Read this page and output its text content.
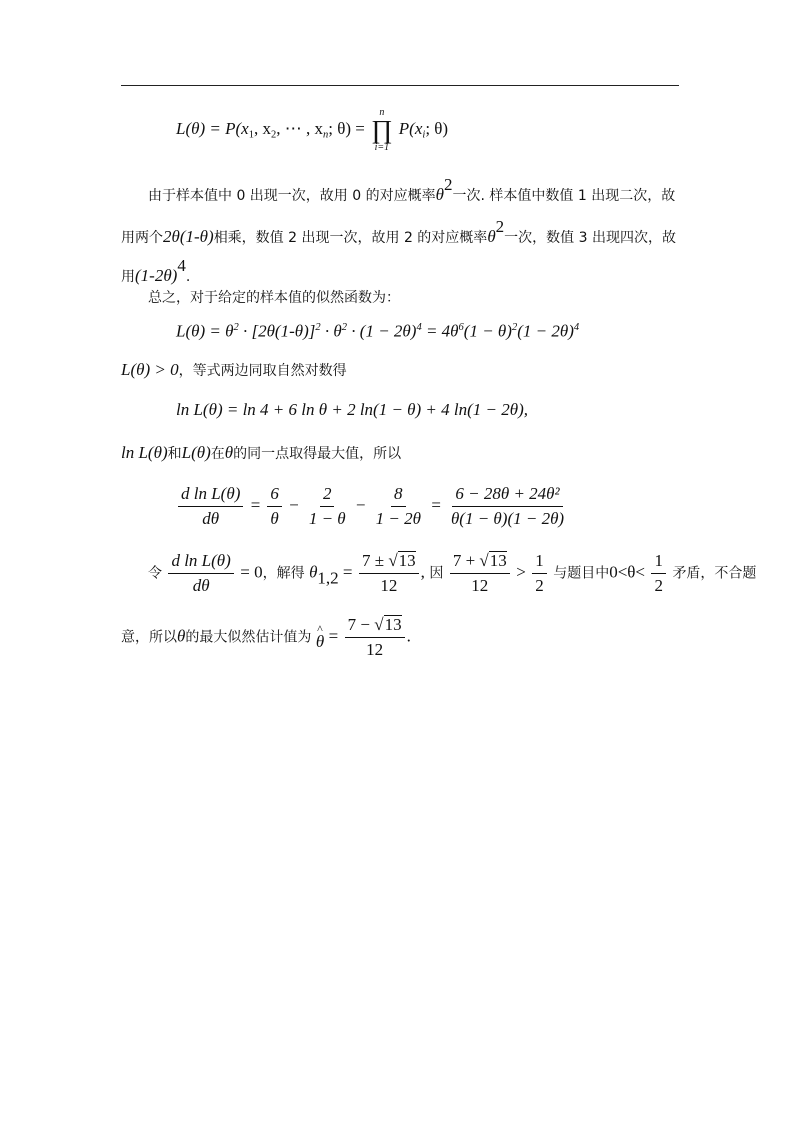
$L(\theta) = P(x_1$, $x_2$, ⋯ , $x_n$; θ) =
n
∏
i=1
$P(x_i$; θ)
由于样本值中 0 出现一次，故用 0 的对应概率$\theta^2$一次. 样本值中数值 1 出现二次，故
用两个2θ(1-θ)相乘，数值 2 出现一次，故用 2 的对应概率$\theta^2$一次，数值 3 出现四次，故
用$(1-2\theta)^4$.
总之，对于给定的样本值的似然函数为：
$L(\theta) = \theta^2 \cdot [2\theta(1-\theta)]^2 \cdot \theta^2 \cdot (1 - 2\theta)^4 = 4\theta^6(1 - \theta)^2(1 - 2\theta)^4$
L(θ) > 0，等式两边同取自然对数得
ln L(θ) = ln 4 + 6 ln θ + 2 ln(1 − θ) + 4 ln(1 − 2θ),
ln L(θ)和L(θ)在θ的同一点取得最大值，所以
$\frac{\text{d ln L(θ)}}{d\theta} = \frac{6}{\theta} - \frac{2}{1 - \theta} - \frac{8}{1 - 2\theta} = \frac{\text{6 − 28θ + 24θ²}}{\theta(1 - \theta)(1 - 2\theta)}$
令 $\frac{\text{d ln L(θ)}}{d\theta} = 0$，解得 $\theta_{1,2} = \frac{7 \pm √13}{12}$ , 因 $\frac{7 + √13}{12} > \frac{1}{2}$ 与题目中$0<\theta< \frac{1}{2}$ 矛盾，不合题
意，所以θ的最大似然估计值为
^
$\theta = \frac{7 - √13}{12}$ .
